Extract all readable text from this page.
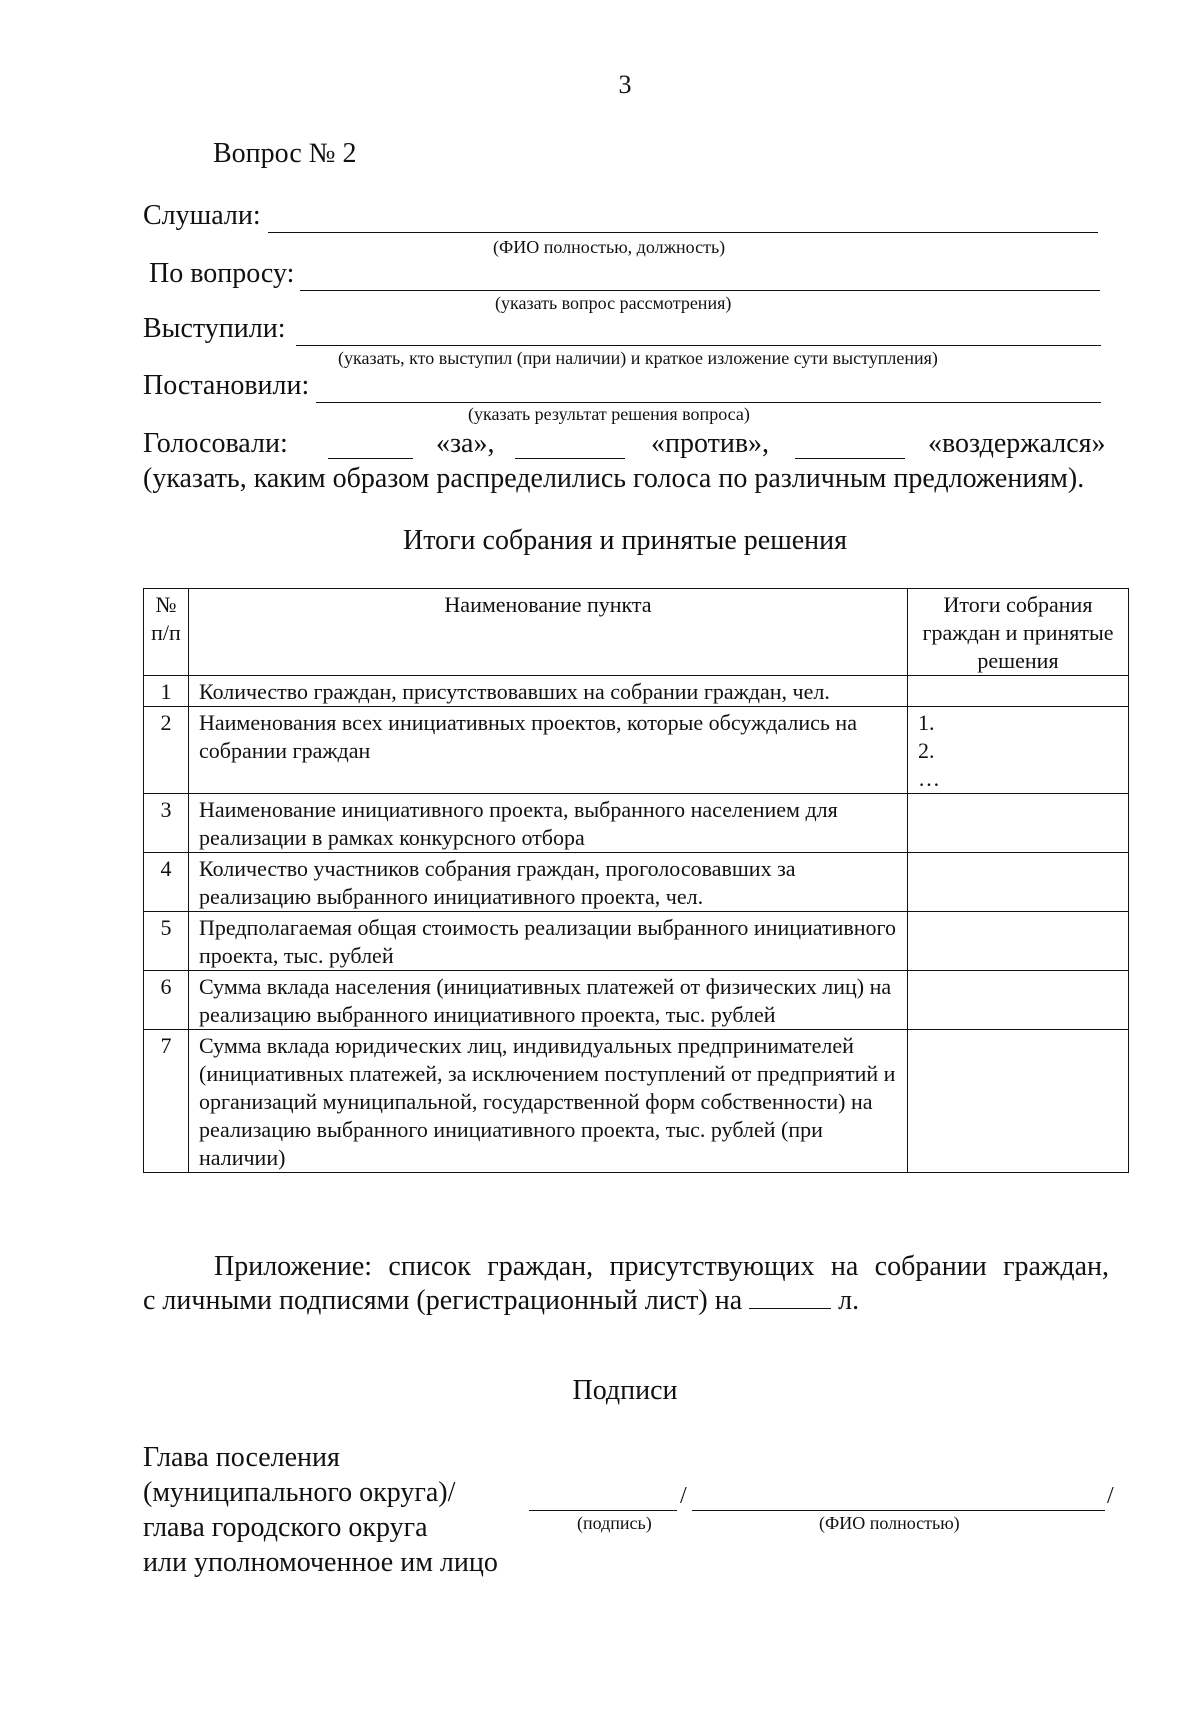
3
Вопрос № 2
Слушали:
(ФИО полностью, должность)
По вопросу:
(указать вопрос рассмотрения)
Выступили:
(указать, кто выступил (при наличии) и краткое изложение сути выступления)
Постановили:
(указать результат решения вопроса)
Голосовали:	«за»,	«против»,	«воздержался»
(указать, каким образом распределились голоса по различным предложениям).
Итоги собрания и принятые решения
№ п/п	Наименование пункта	Итоги собрания граждан и принятые решения
1	Количество граждан, присутствовавших на собрании граждан, чел.	
2	Наименования всех инициативных проектов, которые обсуждались на собрании граждан	1.
2.
…
3	Наименование инициативного проекта, выбранного населением для реализации в рамках конкурсного отбора	
4	Количество участников собрания граждан, проголосовавших за реализацию выбранного инициативного проекта, чел.	
5	Предполагаемая общая стоимость реализации выбранного инициативного проекта, тыс. рублей	
6	Сумма вклада населения (инициативных платежей от физических лиц) на реализацию выбранного инициативного проекта, тыс. рублей	
7	Сумма вклада юридических лиц, индивидуальных предпринимателей (инициативных платежей, за исключением поступлений от предприятий и организаций муниципальной, государственной форм собственности) на реализацию выбранного инициативного проекта, тыс. рублей (при наличии)	
Приложение: список граждан, присутствующих на собрании граждан,
с личными подписями (регистрационный лист) на	л.
Подписи
Глава поселения
(муниципального округа)/
глава городского округа
или уполномоченное им лицо
/	/
(подпись)	(ФИО полностью)
